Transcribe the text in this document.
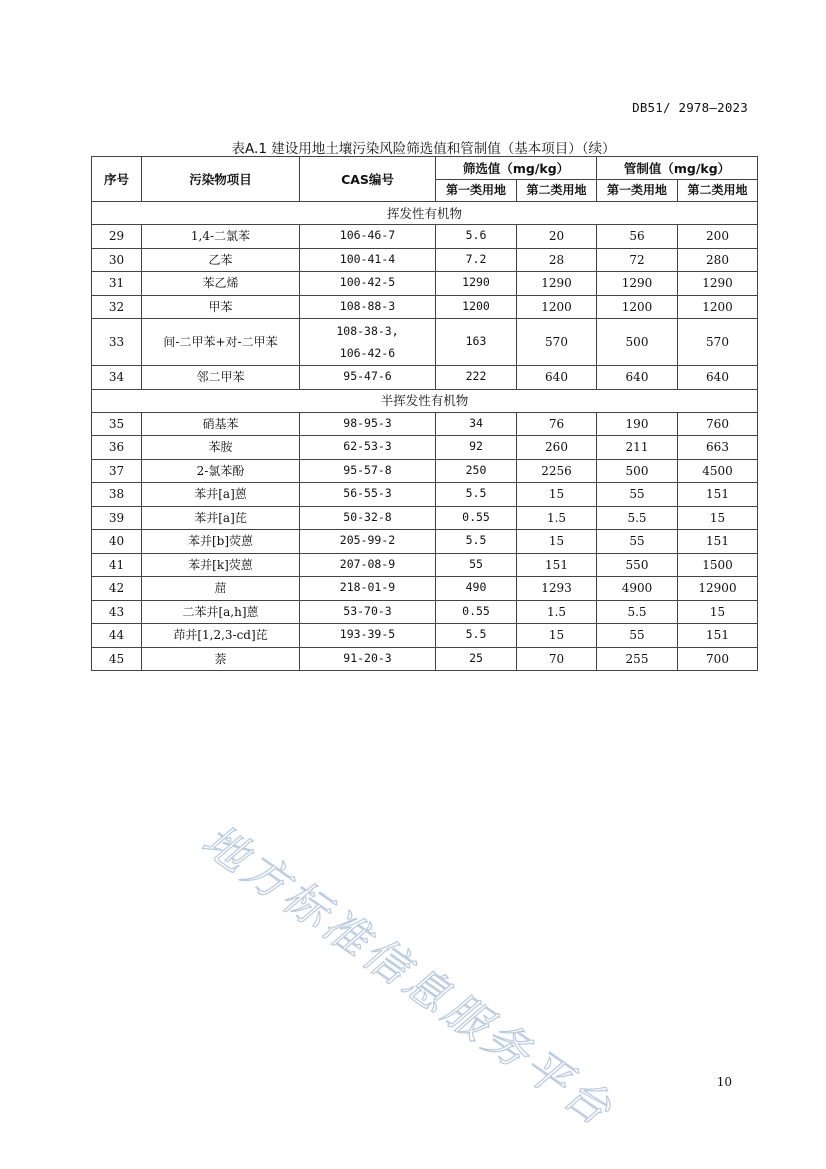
DB51/ 2978—2023
表A.1 建设用地土壤污染风险筛选值和管制值（基本项目）（续）
序号	污染物项目	CAS编号	筛选值（mg/kg）		管制值（mg/kg）	
			第一类用地	第二类用地	第一类用地	第二类用地
挥发性有机物						
29	1,4-二氯苯	106-46-7	5.6	20	56	200
30	乙苯	100-41-4	7.2	28	72	280
31	苯乙烯	100-42-5	1290	1290	1290	1290
32	甲苯	108-88-3	1200	1200	1200	1200
33	间-二甲苯+对-二甲苯	108-38-3,
106-42-6	163	570	500	570
34	邻二甲苯	95-47-6	222	640	640	640
半挥发性有机物						
35	硝基苯	98-95-3	34	76	190	760
36	苯胺	62-53-3	92	260	211	663
37	2-氯苯酚	95-57-8	250	2256	500	4500
38	苯并[a]蒽	56-55-3	5.5	15	55	151
39	苯并[a]芘	50-32-8	0.55	1.5	5.5	15
40	苯并[b]荧蒽	205-99-2	5.5	15	55	151
41	苯并[k]荧蒽	207-08-9	55	151	550	1500
42	䓛	218-01-9	490	1293	4900	12900
43	二苯并[a,h]蒽	53-70-3	0.55	1.5	5.5	15
44	茚并[1,2,3-cd]芘	193-39-5	5.5	15	55	151
45	萘	91-20-3	25	70	255	700
地方标准信息服务平台	10
